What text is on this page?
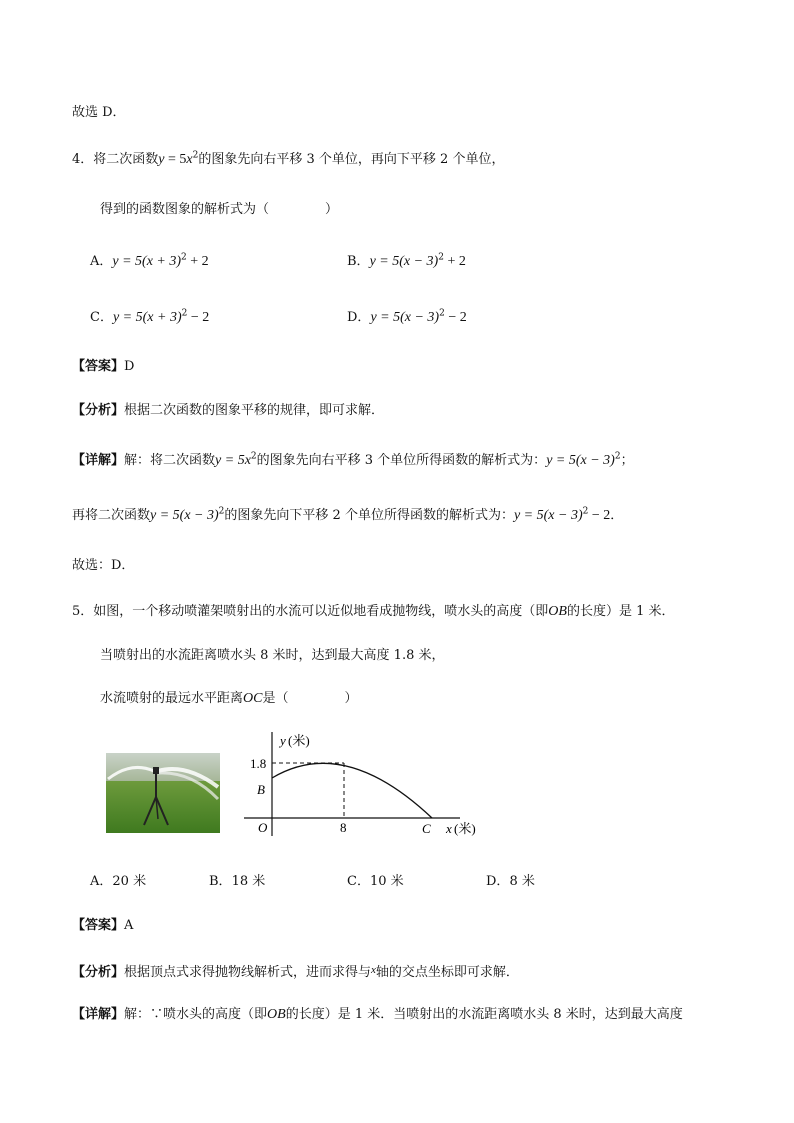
故选 D．
4．将二次函数$y = 5x^2$的图象先向右平移 3 个单位，再向下平移 2 个单位，
得到的函数图象的解析式为（	）
A．$y = 5(x + 3)^2 + 2$	B．$y = 5(x - 3)^2 + 2$
C．$y = 5(x + 3)^2 - 2$	D．$y = 5(x - 3)^2 - 2$
【答案】D
【分析】根据二次函数的图象平移的规律，即可求解．
【详解】解：将二次函数$y = 5x^2$的图象先向右平移 3 个单位所得函数的解析式为：$y = 5(x - 3)^2$；
再将二次函数$y = 5(x - 3)^2$的图象先向下平移 2 个单位所得函数的解析式为：$y = 5(x - 3)^2 - 2$．
故选：D．
5．如图，一个移动喷灌架喷射出的水流可以近似地看成抛物线，喷水头的高度（即OB的长度）是 1 米．
当喷射出的水流距离喷水头 8 米时，达到最大高度 1.8 米，
水流喷射的最远水平距离OC是（	）
y (米)
1.8
B
O	8	C x (米)
A．20 米	B．18 米	C．10 米	D．8 米
【答案】A
【分析】根据顶点式求得抛物线解析式，进而求得与$^x$轴的交点坐标即可求解．
【详解】解：∵喷水头的高度（即OB的长度）是 1 米．当喷射出的水流距离喷水头 8 米时，达到最大高度
